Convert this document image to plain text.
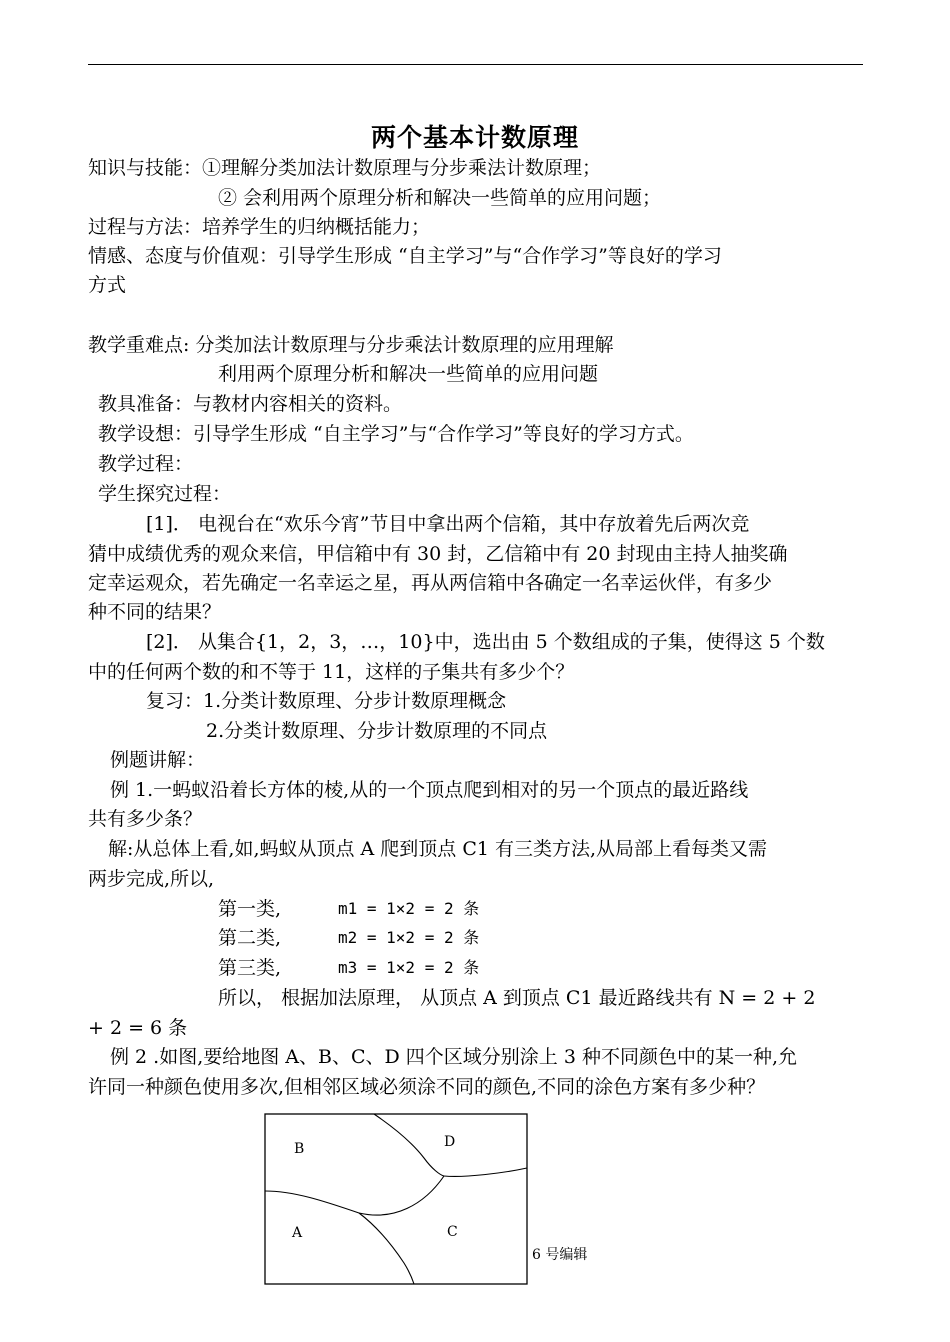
两个基本计数原理
知识与技能：①理解分类加法计数原理与分步乘法计数原理；
② 会利用两个原理分析和解决一些简单的应用问题；
过程与方法：培养学生的归纳概括能力；
情感、态度与价值观：引导学生形成 “自主学习”与“合作学习”等良好的学习
方式
教学重难点: 分类加法计数原理与分步乘法计数原理的应用理解
利用两个原理分析和解决一些简单的应用问题
教具准备：与教材内容相关的资料。
教学设想：引导学生形成 “自主学习”与“合作学习”等良好的学习方式。
教学过程：
学生探究过程：
[1]． 电视台在“欢乐今宵”节目中拿出两个信箱，其中存放着先后两次竞
猜中成绩优秀的观众来信，甲信箱中有 30 封，乙信箱中有 20 封现由主持人抽奖确
定幸运观众，若先确定一名幸运之星，再从两信箱中各确定一名幸运伙伴，有多少
种不同的结果？
[2]． 从集合{1，2，3，…，10}中，选出由 5 个数组成的子集，使得这 5 个数
中的任何两个数的和不等于 11，这样的子集共有多少个？
复习：1.分类计数原理、分步计数原理概念
2.分类计数原理、分步计数原理的不同点
例题讲解：
例 1.一蚂蚁沿着长方体的棱,从的一个顶点爬到相对的另一个顶点的最近路线
共有多少条？
解:从总体上看,如,蚂蚁从顶点 A 爬到顶点 C1 有三类方法,从局部上看每类又需
两步完成,所以,
第一类,	m1 = 1×2 = 2 条
第二类,	m2 = 1×2 = 2 条
第三类,	m3 = 1×2 = 2 条
所以， 根据加法原理， 从顶点 A 到顶点 C1 最近路线共有 N = 2 + 2
+ 2 = 6 条
例 2 .如图,要给地图 A、B、C、D 四个区域分别涂上 3 种不同颜色中的某一种,允
许同一种颜色使用多次,但相邻区域必须涂不同的颜色,不同的涂色方案有多少种？
B	D
A	C
6 号编辑
